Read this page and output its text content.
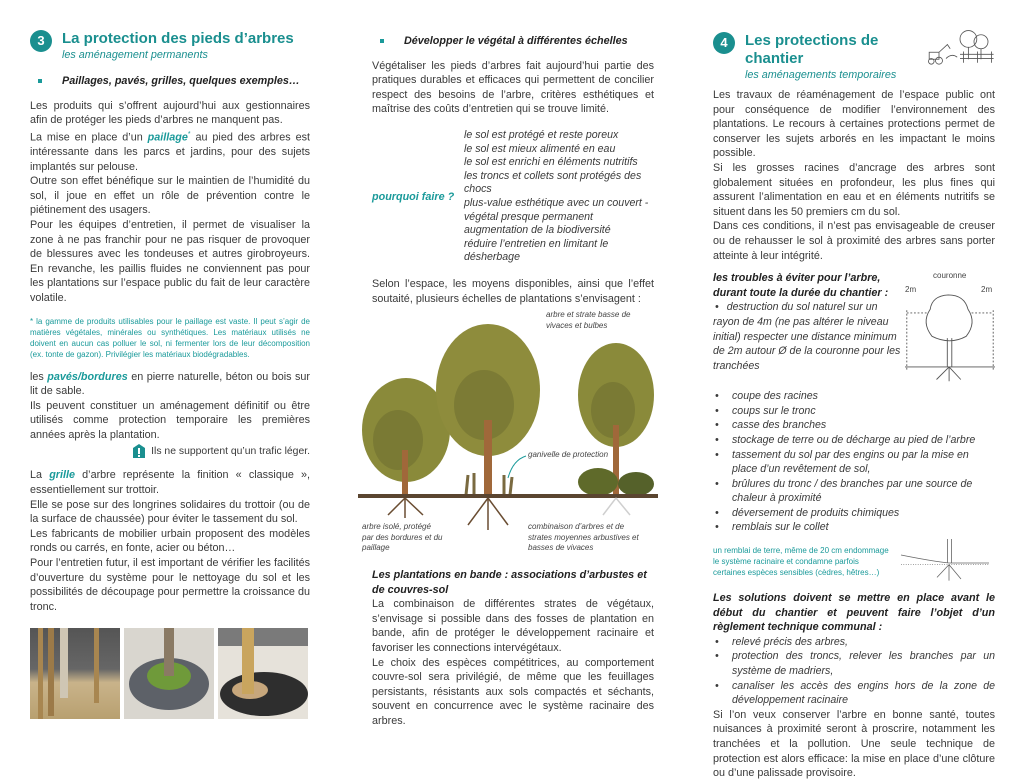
3	La protection des pieds d’arbres
les aménagement permanents
Paillages, pavés, grilles, quelques exemples…

Les produits qui s’offrent aujourd’hui aux gestionnaires afin de protéger les pieds d’arbres ne manquent pas.

La mise en place d’un paillage* au pied des arbres est intéressante dans les parcs et jardins, pour des sujets implantés sur pelouse.

Outre son effet bénéfique sur le maintien de l’humidité du sol, il joue en effet un rôle de prévention contre le piétinement des usagers.

Pour les équipes d’entretien, il permet de visualiser la zone à ne pas franchir pour ne pas risquer de provoquer de blessures avec les tondeuses et autres girobroyeurs. En revanche, les paillis fluides ne conviennent pas pour les plantations sur l’espace public du fait de leur caractère volatile.

* la gamme de produits utilisables pour le paillage est vaste. Il peut s’agir de matières végétales, minérales ou synthétiques. Les matériaux utilisés ne doivent en aucun cas polluer le sol, ni fermenter lors de leur décomposition (ex. tonte de gazon). Privilégier les matériaux biodégradables.

les pavés/bordures en pierre naturelle, béton ou bois sur lit de sable.

Ils peuvent constituer un aménagement définitif ou être utilisés comme protection temporaire les premières années après la plantation.

Ils ne supportent qu’un trafic léger.

La grille d’arbre représente la finition « classique », essentiellement sur trottoir.

Elle se pose sur des longrines solidaires du trottoir (ou de la surface de chaussée) pour éviter le tassement du sol.

Les fabricants de mobilier urbain proposent des modèles ronds ou carrés, en fonte, acier ou béton…

Pour l’entretien futur, il est important de vérifier les facilités d’ouverture du système pour le nettoyage du sol et les possibilités de découpage pour permettre la croissance du tronc.

Développer le végétal à différentes échelles

Végétaliser les pieds d’arbres fait aujourd’hui partie des pratiques durables et efficaces qui permettent de concilier respect des besoins de l’arbre, critères esthétiques et maîtrise des coûts d’entretien qui se trouve limité.

pourquoi faire ?
le sol est protégé et reste poreux
le sol est mieux alimenté en eau
le sol est enrichi en éléments nutritifs
les troncs et collets sont protégés des chocs
plus-value esthétique avec un couvert -
végétal presque permanent
augmentation de la biodiversité
réduire l’entretien en limitant le désherbage

Selon l’espace, les moyens disponibles, ainsi que l’effet soutaité, plusieurs échelles de plantations s’envisagent :

arbre et strate basse de vivaces et bulbes
ganivelle de protection
arbre isolé, protégé par des bordures et du paillage
combinaison d’arbres et de strates moyennes arbustives et basses de vivaces
Les plantations en bande : associations d’arbustes et de couvres-sol

La combinaison de différentes strates de végétaux, s’envisage si possible dans des fosses de plantation en bande, afin de protéger le développement racinaire et favoriser les connections intervégétaux.

Le choix des espèces compétitrices, au comportement couvre-sol sera privilégié, de même que les feuillages persistants, résistants aux sols compactés et séchants, souvent en concurrence avec le système racinaire des arbres.

4	Les protections de chantier
les aménagements temporaires

Les travaux de réaménagement de l’espace public ont pour conséquence de modifier l’environnement des plantations. Le recours à certaines protections permet de conserver les sujets arborés en les impactant le moins possible.

Si les grosses racines d’ancrage des arbres sont globalement situées en profondeur, les plus fines qui assurent l’alimentation en eau et en éléments nutritifs se situent dans les 50 premiers cm du sol.

Dans ces conditions, il n’est pas envisageable de creuser ou de rehausser le sol à proximité des arbres sans porter atteinte à leur intégrité.

les troubles à éviter pour l’arbre, durant toute la durée du chantier :
• destruction du sol naturel sur un rayon de 4m (ne pas altérer le niveau initial) respecter une distance minimum de 2m autour Ø de la couronne pour les tranchées
couronne
2m	2m
• coupe des racines
• coups sur le tronc
• casse des branches
• stockage de terre ou de décharge au pied de l’arbre
• tassement du sol par des engins ou par la mise en place d’un revêtement de sol,
• brûlures du tronc / des branches par une source de chaleur à proximité
• déversement de produits chimiques
• remblais sur le collet

un remblai de terre, même de 20 cm endommage le système racinaire et condamne parfois certaines espèces sensibles (cèdres, hêtres…)

Les solutions doivent se mettre en place avant le début du chantier et peuvent faire l’objet d’un règlement technique communal :
• relevé précis des arbres,
• protection des troncs, relever les branches par un système de madriers,
• canaliser les accès des engins hors de la zone de développement racinaire

Si l’on veux conserver l’arbre en bonne santé, toutes nuisances à proximité seront à proscrire, notamment les tranchées et la pollution. Une seule technique de protection est alors efficace: la mise en place d’une clôture ou d’une palissade provisoire.
